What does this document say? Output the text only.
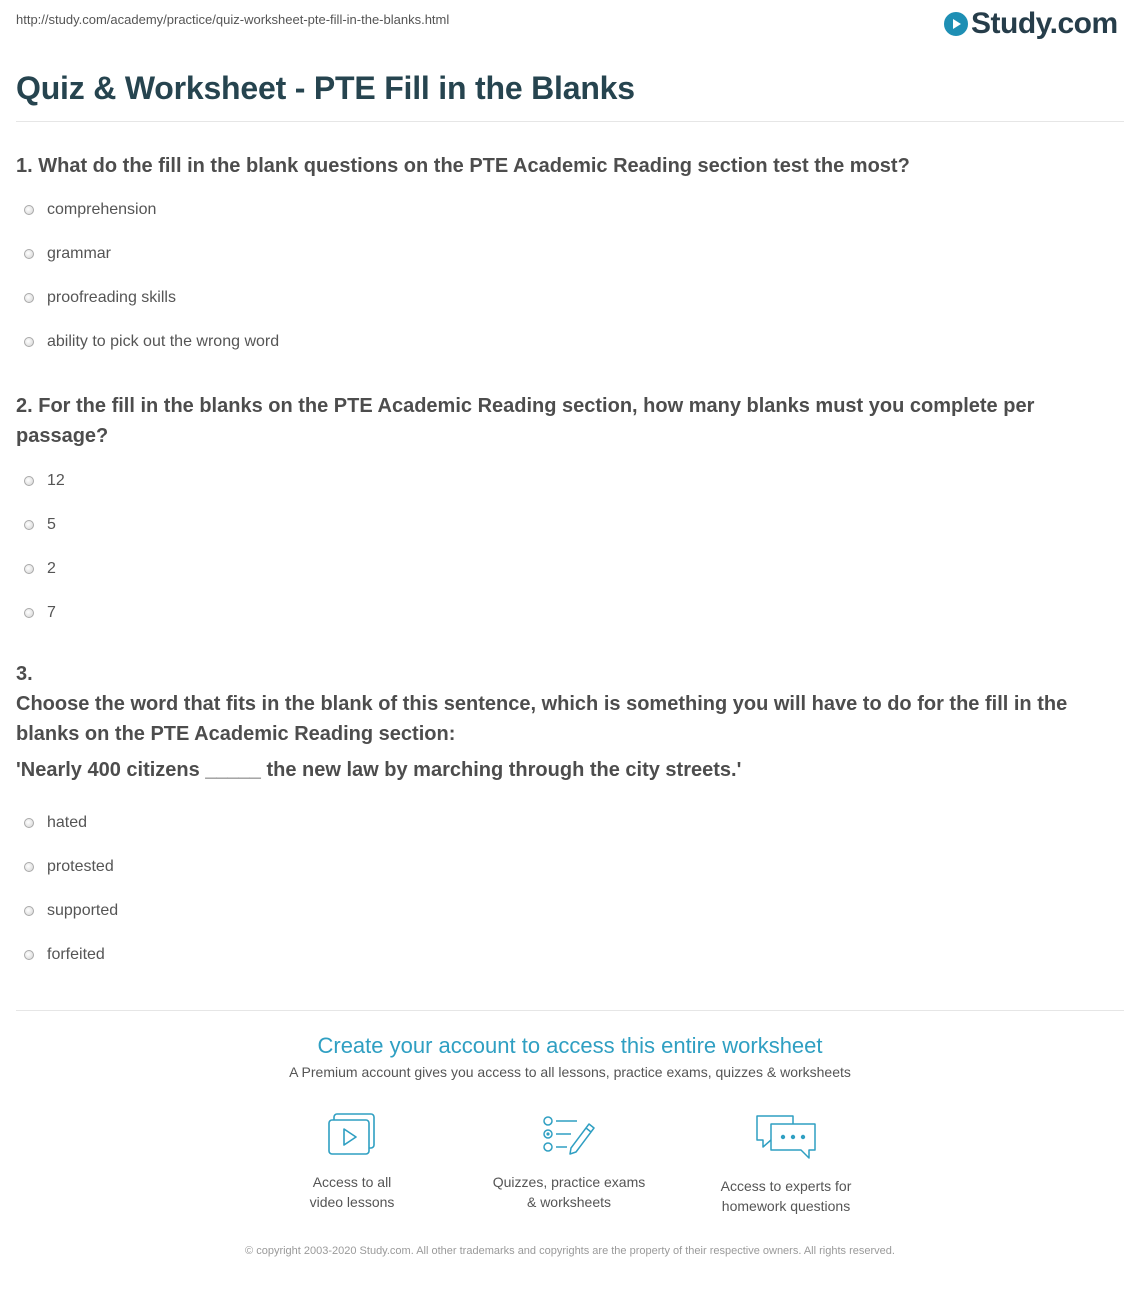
http://study.com/academy/practice/quiz-worksheet-pte-fill-in-the-blanks.html	Study.com
Quiz & Worksheet - PTE Fill in the Blanks

1. What do the fill in the blank questions on the PTE Academic Reading section test the most?

comprehension
grammar
proofreading skills
ability to pick out the wrong word

2. For the fill in the blanks on the PTE Academic Reading section, how many blanks must you complete per passage?

12
5
2
7

3.

Choose the word that fits in the blank of this sentence, which is something you will have to do for the fill in the blanks on the PTE Academic Reading section:

'Nearly 400 citizens _____ the new law by marching through the city streets.'

hated
protested
supported
forfeited

Create your account to access this entire worksheet

A Premium account gives you access to all lessons, practice exams, quizzes & worksheets

Access to all
video lessons

Quizzes, practice exams
& worksheets

Access to experts for
homework questions

© copyright 2003-2020 Study.com. All other trademarks and copyrights are the property of their respective owners. All rights reserved.
